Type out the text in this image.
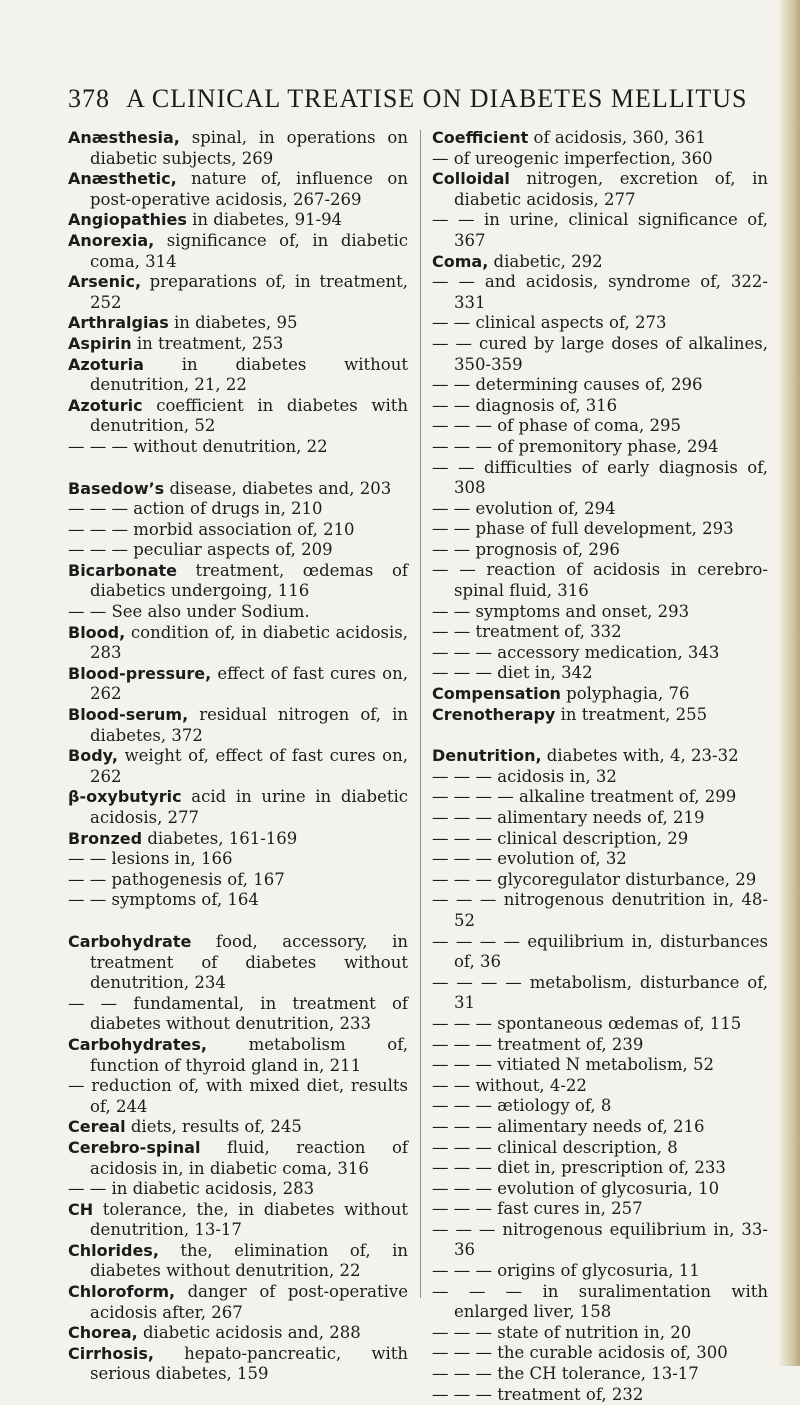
378 A CLINICAL TREATISE ON DIABETES MELLITUS
Anæsthesia, spinal, in operations on diabetic subjects, 269
Anæsthetic, nature of, influence on post-operative acidosis, 267-269
Angiopathies in diabetes, 91-94
Anorexia, significance of, in diabetic coma, 314
Arsenic, preparations of, in treatment, 252
Arthralgias in diabetes, 95
Aspirin in treatment, 253
Azoturia in diabetes without denutrition, 21, 22
Azoturic coefficient in diabetes with denutrition, 52
— — — without denutrition, 22
Basedow’s disease, diabetes and, 203
— — — action of drugs in, 210
— — — morbid association of, 210
— — — peculiar aspects of, 209
Bicarbonate treatment, œdemas of diabetics undergoing, 116
— — See also under Sodium.
Blood, condition of, in diabetic acidosis, 283
Blood-pressure, effect of fast cures on, 262
Blood-serum, residual nitrogen of, in diabetes, 372
Body, weight of, effect of fast cures on, 262
β-oxybutyric acid in urine in diabetic acidosis, 277
Bronzed diabetes, 161-169
— — lesions in, 166
— — pathogenesis of, 167
— — symptoms of, 164
Carbohydrate food, accessory, in treatment of diabetes without denutrition, 234
— — fundamental, in treatment of diabetes without denutrition, 233
Carbohydrates, metabolism of, function of thyroid gland in, 211
— reduction of, with mixed diet, results of, 244
Cereal diets, results of, 245
Cerebro-spinal fluid, reaction of acidosis in, in diabetic coma, 316
— — in diabetic acidosis, 283
CH tolerance, the, in diabetes without denutrition, 13-17
Chlorides, the, elimination of, in diabetes without denutrition, 22
Chloroform, danger of post-operative acidosis after, 267
Chorea, diabetic acidosis and, 288
Cirrhosis, hepato-pancreatic, with serious diabetes, 159
Coefficient of acidosis, 360, 361
— of ureogenic imperfection, 360
Colloidal nitrogen, excretion of, in diabetic acidosis, 277
— — in urine, clinical significance of, 367
Coma, diabetic, 292
— — and acidosis, syndrome of, 322-331
— — clinical aspects of, 273
— — cured by large doses of alkalines, 350-359
— — determining causes of, 296
— — diagnosis of, 316
— — — of phase of coma, 295
— — — of premonitory phase, 294
— — difficulties of early diagnosis of, 308
— — evolution of, 294
— — phase of full development, 293
— — prognosis of, 296
— — reaction of acidosis in cerebro-spinal fluid, 316
— — symptoms and onset, 293
— — treatment of, 332
— — — accessory medication, 343
— — — diet in, 342
Compensation polyphagia, 76
Crenotherapy in treatment, 255
Denutrition, diabetes with, 4, 23-32
— — — acidosis in, 32
— — — — alkaline treatment of, 299
— — — alimentary needs of, 219
— — — clinical description, 29
— — — evolution of, 32
— — — glycoregulator disturbance, 29
— — — nitrogenous denutrition in, 48-52
— — — — equilibrium in, disturbances of, 36
— — — — metabolism, disturbance of, 31
— — — spontaneous œdemas of, 115
— — — treatment of, 239
— — — vitiated N metabolism, 52
— — without, 4-22
— — — ætiology of, 8
— — — alimentary needs of, 216
— — — clinical description, 8
— — — diet in, prescription of, 233
— — — evolution of glycosuria, 10
— — — fast cures in, 257
— — — nitrogenous equilibrium in, 33-36
— — — origins of glycosuria, 11
— — — in suralimentation with enlarged liver, 158
— — — state of nutrition in, 20
— — — the curable acidosis of, 300
— — — the CH tolerance, 13-17
— — — treatment of, 232
